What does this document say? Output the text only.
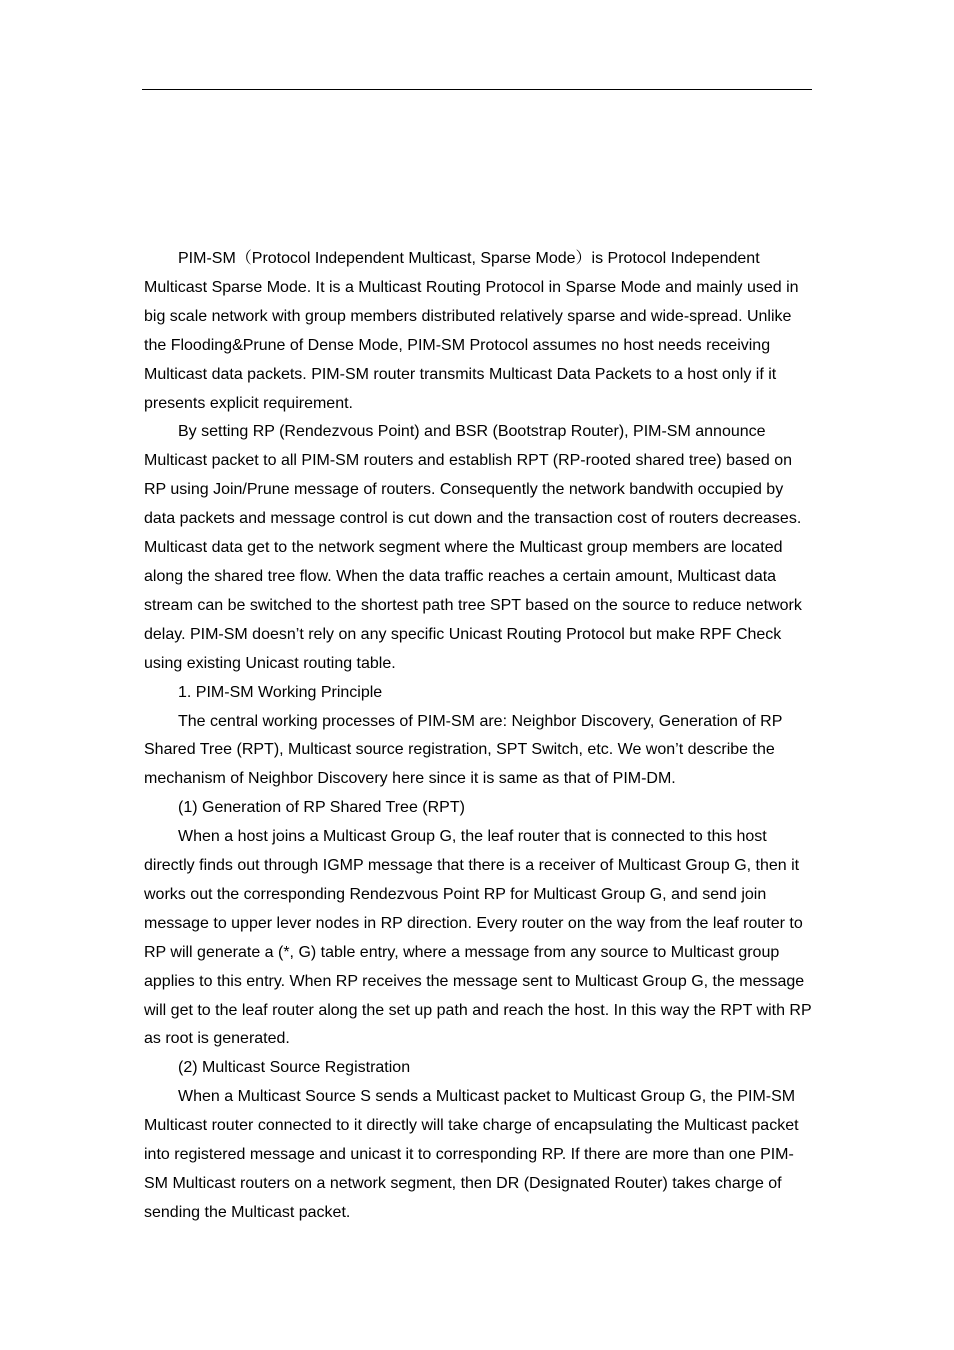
PIM-SM（Protocol Independent Multicast, Sparse Mode）is Protocol Independent Multicast Sparse Mode. It is a Multicast Routing Protocol in Sparse Mode and mainly used in big scale network with group members distributed relatively sparse and wide-spread. Unlike the Flooding&Prune of Dense Mode, PIM-SM Protocol assumes no host needs receiving Multicast data packets. PIM-SM router transmits Multicast Data Packets to a host only if it presents explicit requirement.

By setting RP (Rendezvous Point) and BSR (Bootstrap Router), PIM-SM announce Multicast packet to all PIM-SM routers and establish RPT (RP-rooted shared tree) based on RP using Join/Prune message of routers. Consequently the network bandwith occupied by data packets and message control is cut down and the transaction cost of routers decreases. Multicast data get to the network segment where the Multicast group members are located along the shared tree flow. When the data traffic reaches a certain amount, Multicast data stream can be switched to the shortest path tree SPT based on the source to reduce network delay. PIM-SM doesn’t rely on any specific Unicast Routing Protocol but make RPF Check using existing Unicast routing table.

1. PIM-SM Working Principle

The central working processes of PIM-SM are: Neighbor Discovery, Generation of RP Shared Tree (RPT), Multicast source registration, SPT Switch, etc. We won’t describe the mechanism of Neighbor Discovery here since it is same as that of PIM-DM.

(1) Generation of RP Shared Tree (RPT)

When a host joins a Multicast Group G, the leaf router that is connected to this host directly finds out through IGMP message that there is a receiver of Multicast Group G, then it works out the corresponding Rendezvous Point RP for Multicast Group G, and send join message to upper lever nodes in RP direction. Every router on the way from the leaf router to RP will generate a (*, G) table entry, where a message from any source to Multicast group applies to this entry. When RP receives the message sent to Multicast Group G, the message will get to the leaf router along the set up path and reach the host. In this way the RPT with RP as root is generated.

(2) Multicast Source Registration

When a Multicast Source S sends a Multicast packet to Multicast Group G, the PIM-SM Multicast router connected to it directly will take charge of encapsulating the Multicast packet into registered message and unicast it to corresponding RP. If there are more than one PIM-SM Multicast routers on a network segment, then DR (Designated Router) takes charge of sending the Multicast packet.
